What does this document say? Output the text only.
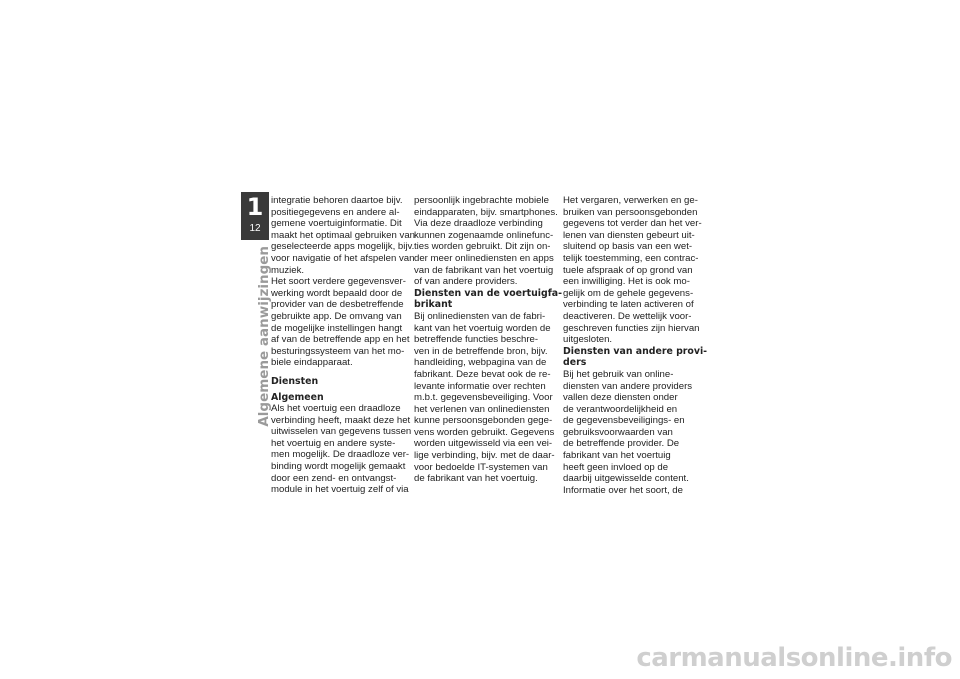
1
12
Algemene aanwijzingen
integratie behoren daartoe bijv.
positiegegevens en andere al-
gemene voertuiginformatie. Dit
maakt het optimaal gebruiken van
geselecteerde apps mogelijk, bijv.
voor navigatie of het afspelen van
muziek.
Het soort verdere gegevensver-
werking wordt bepaald door de
provider van de desbetreffende
gebruikte app. De omvang van
de mogelijke instellingen hangt
af van de betreffende app en het
besturingssysteem van het mo-
biele eindapparaat.
Diensten
Algemeen
Als het voertuig een draadloze
verbinding heeft, maakt deze het
uitwisselen van gegevens tussen
het voertuig en andere syste-
men mogelijk. De draadloze ver-
binding wordt mogelijk gemaakt
door een zend- en ontvangst-
module in het voertuig zelf of via
persoonlijk ingebrachte mobiele
eindapparaten, bijv. smartphones.
Via deze draadloze verbinding
kunnen zogenaamde onlinefunc-
ties worden gebruikt. Dit zijn on-
der meer onlinediensten en apps
van de fabrikant van het voertuig
of van andere providers.
Diensten van de voertuigfa-
brikant
Bij onlinediensten van de fabri-
kant van het voertuig worden de
betreffende functies beschre-
ven in de betreffende bron, bijv.
handleiding, webpagina van de
fabrikant. Deze bevat ook de re-
levante informatie over rechten
m.b.t. gegevensbeveiliging. Voor
het verlenen van onlinediensten
kunne persoonsgebonden gege-
vens worden gebruikt. Gegevens
worden uitgewisseld via een vei-
lige verbinding, bijv. met de daar-
voor bedoelde IT-systemen van
de fabrikant van het voertuig.
Het vergaren, verwerken en ge-
bruiken van persoonsgebonden
gegevens tot verder dan het ver-
lenen van diensten gebeurt uit-
sluitend op basis van een wet-
telijk toestemming, een contrac-
tuele afspraak of op grond van
een inwilliging. Het is ook mo-
gelijk om de gehele gegevens-
verbinding te laten activeren of
deactiveren. De wettelijk voor-
geschreven functies zijn hiervan
uitgesloten.
Diensten van andere provi-
ders
Bij het gebruik van online-
diensten van andere providers
vallen deze diensten onder
de verantwoordelijkheid en
de gegevensbeveiligings- en
gebruiksvoorwaarden van
de betreffende provider. De
fabrikant van het voertuig
heeft geen invloed op de
daarbij uitgewisselde content.
Informatie over het soort, de
carmanualsonline.info
